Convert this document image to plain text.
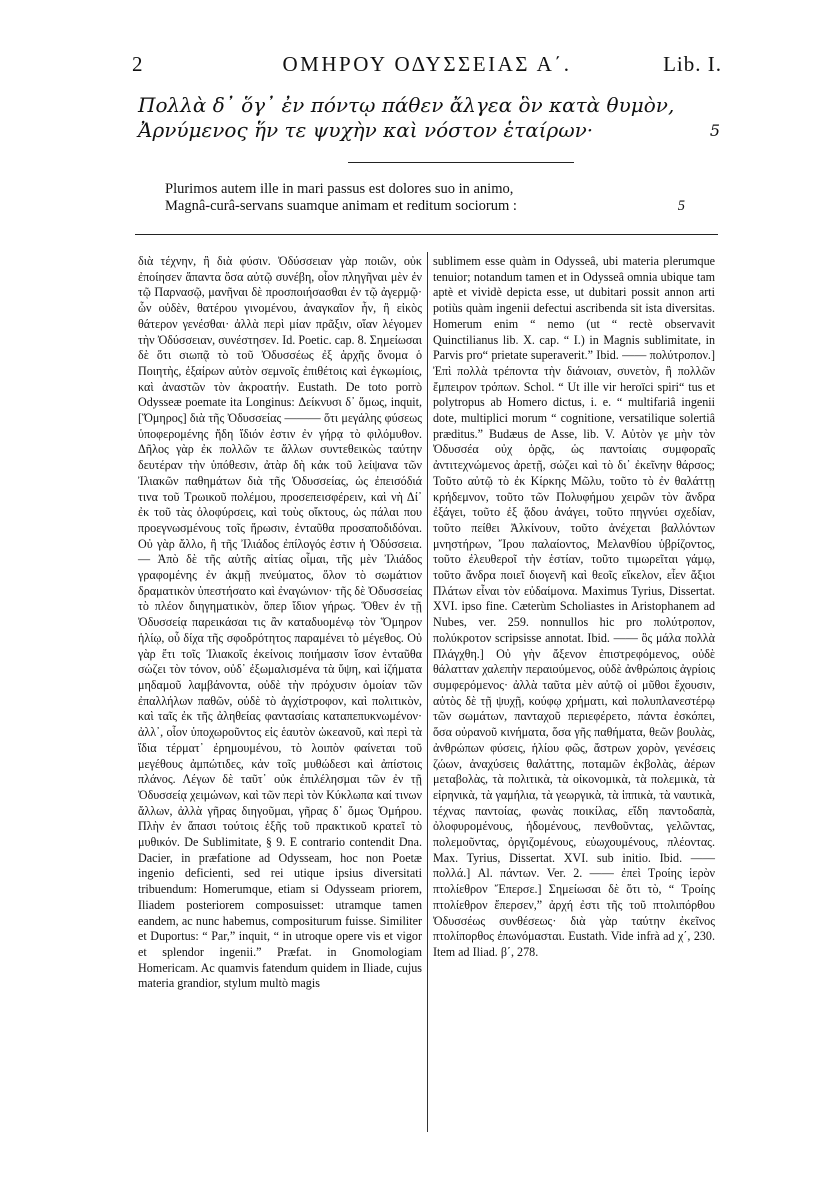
2	ΟΜΗΡΟΥ ΟΔΥΣΣΕΙΑΣ Α΄.	Lib. I.
Πολλὰ δ᾽ ὅγ᾽ ἐν πόντῳ πάθεν ἄλγεα ὃν κατὰ θυμὸν,
Ἀρνύμενος ἥν τε ψυχὴν καὶ νόστον ἑταίρων·	5
Plurimos autem ille in mari passus est dolores suo in animo,
Magnâ-curâ-servans suamque animam et reditum sociorum :	5

διὰ τέχνην, ἢ διὰ φύσιν. Ὀδύσσειαν γὰρ ποιῶν, οὐκ ἐποίησεν ἅπαντα ὅσα αὐτῷ συνέβη, οἷον πληγῆναι μὲν ἐν τῷ Παρνασῷ, μανῆναι δὲ προσποιήσασθαι ἐν τῷ ἀγερμῷ· ὧν οὐδὲν, θατέρου γινομένου, ἀναγκαῖον ἦν, ἢ εἰκὸς θάτερον γενέσθαι· ἀλλὰ περὶ μίαν πρᾶξιν, οἵαν λέγομεν τὴν Ὀδύσσειαν, συνέστησεν. Id. Poetic. cap. 8. Σημείωσαι δὲ ὅτι σιωπᾷ τὸ τοῦ Ὀδυσσέως ἐξ ἀρχῆς ὄνομα ὁ Ποιητὴς, ἐξαίρων αὐτὸν σεμνοῖς ἐπιθέτοις καὶ ἐγκωμίοις, καὶ ἀναστῶν τὸν ἀκροατήν. Eustath. De toto porrò Odysseæ poemate ita Longinus: Δείκνυσι δ᾽ ὅμως, inquit, [Ὅμηρος] διὰ τῆς Ὀδυσσείας ——— ὅτι μεγάλης φύσεως ὑποφερομένης ἤδη ἴδιόν ἐστιν ἐν γήρᾳ τὸ φιλόμυθον. Δῆλος γὰρ ἐκ πολλῶν τε ἄλλων συντεθεικὼς ταύτην δευτέραν τὴν ὑπόθεσιν, ἀτὰρ δὴ κἀκ τοῦ λείψανα τῶν Ἰλιακῶν παθημάτων διὰ τῆς Ὀδυσσείας, ὡς ἐπεισόδιά τινα τοῦ Τρωικοῦ πολέμου, προσεπεισφέρειν, καὶ νὴ Δί᾽ ἐκ τοῦ τὰς ὀλοφύρσεις, καὶ τοὺς οἴκτους, ὡς πάλαι που προεγνωσμένους τοῖς ἥρωσιν, ἐνταῦθα προσαποδιδόναι. Οὐ γὰρ ἄλλο, ἢ τῆς Ἰλιάδος ἐπίλογός ἐστιν ἡ Ὀδύσσεια.— Ἀπὸ δὲ τῆς αὐτῆς αἰτίας οἶμαι, τῆς μὲν Ἰλιάδος γραφομένης ἐν ἀκμῇ πνεύματος, ὅλον τὸ σωμάτιον δραματικὸν ὑπεστήσατο καὶ ἐναγώνιον· τῆς δὲ Ὀδυσσείας τὸ πλέον διηγηματικὸν, ὅπερ ἴδιον γήρως. Ὅθεν ἐν τῇ Ὀδυσσείᾳ παρεικάσαι τις ἂν καταδυομένῳ τὸν Ὅμηρον ἡλίῳ, οὗ δίχα τῆς σφοδρότητος παραμένει τὸ μέγεθος. Οὐ γὰρ ἔτι τοῖς Ἰλιακοῖς ἐκείνοις ποιήμασιν ἴσον ἐνταῦθα σώζει τὸν τόνον, οὐδ᾽ ἐξωμαλισμένα τὰ ὕψη, καὶ ἰζήματα μηδαμοῦ λαμβάνοντα, οὐδὲ τὴν πρόχυσιν ὁμοίαν τῶν ἐπαλλήλων παθῶν, οὐδὲ τὸ ἀγχίστροφον, καὶ πολιτικὸν, καὶ ταῖς ἐκ τῆς ἀληθείας φαντασίαις καταπεπυκνωμένον· ἀλλ᾽, οἷον ὑποχωροῦντος εἰς ἑαυτὸν ὠκεανοῦ, καὶ περὶ τὰ ἴδια τέρματ᾽ ἐρημουμένου, τὸ λοιπὸν φαίνεται τοῦ μεγέθους ἀμπώτιδες, κἀν τοῖς μυθώδεσι καὶ ἀπίστοις πλάνος. Λέγων δὲ ταῦτ᾽ οὐκ ἐπιλέλησμαι τῶν ἐν τῇ Ὀδυσσείᾳ χειμώνων, καὶ τῶν περὶ τὸν Κύκλωπα καί τινων ἄλλων, ἀλλὰ γῆρας διηγοῦμαι, γῆρας δ᾽ ὅμως Ὁμήρου. Πλὴν ἐν ἅπασι τούτοις ἑξῆς τοῦ πρακτικοῦ κρατεῖ τὸ μυθικόν. De Sublimitate, § 9. E contrario contendit Dna. Dacier, in præfatione ad Odysseam, hoc non Poetæ ingenio deficienti, sed rei utique ipsius diversitati tribuendum: Homerumque, etiam si Odysseam priorem, Iliadem posteriorem composuisset: utramque tamen eandem, ac nunc habemus, compositurum fuisse. Similiter et Duportus: “ Par,” inquit, “ in utroque opere vis et vigor et splendor ingenii.” Præfat. in Gnomologiam Homericam. Ac quamvis fatendum quidem in Iliade, cujus materia grandior, stylum multò magis

sublimem esse quàm in Odysseâ, ubi materia plerumque tenuior; notandum tamen et in Odysseâ omnia ubique tam aptè et vividè depicta esse, ut dubitari possit annon arti potiùs quàm ingenii defectui ascribenda sit ista diversitas. Homerum enim “ nemo (ut “ rectè observavit Quinctilianus lib. X. cap. “ I.) in Magnis sublimitate, in Parvis pro“ prietate superaverit.” Ibid. —— πολύτροπον.] Ἐπὶ πολλὰ τρέποντα τὴν διάνοιαν, συνετὸν, ἢ πολλῶν ἔμπειρον τρόπων. Schol. “ Ut ille vir heroïci spiri“ tus et polytropus ab Homero dictus, i. e. “ multifariâ ingenii dote, multiplici morum “ cognitione, versatilique solertiâ præditus.” Budæus de Asse, lib. V. Αὐτὸν γε μὴν τὸν Ὀδυσσέα οὐχ ὁρᾷς, ὡς παντοίαις συμφοραῖς ἀντιτεχνώμενος ἀρετῇ, σώζει καὶ τὸ δι᾽ ἐκεῖνην θάρσος; Τοῦτο αὐτῷ τὸ ἐκ Κίρκης Μῶλυ, τοῦτο τὸ ἐν θαλάττῃ κρήδεμνον, τοῦτο τῶν Πολυφήμου χειρῶν τὸν ἄνδρα ἐξάγει, τοῦτο ἐξ ᾅδου ἀνάγει, τοῦτο πηγνύει σχεδίαν, τοῦτο πείθει Ἀλκίνουν, τοῦτο ἀνέχεται βαλλόντων μνηστήρων, Ἴρου παλαίοντος, Μελανθίου ὑβρίζοντος, τοῦτο ἐλευθεροῖ τὴν ἑστίαν, τοῦτο τιμωρεῖται γάμῳ, τοῦτο ἄνδρα ποιεῖ διογενῆ καὶ θεοῖς εἴκελον, εἶεν ἄξιοι Πλάτων εἶναι τὸν εὐδαίμονα. Maximus Tyrius, Dissertat. XVI. ipso fine. Cæterùm Scholiastes in Aristophanem ad Nubes, ver. 259. nonnullos hic pro πολύτροπον, πολύκροτον scripsisse annotat. Ibid. —— ὃς μάλα πολλὰ Πλάγχθη.] Οὐ γὴν ἄξενον ἐπιστρεφόμενος, οὐδὲ θάλατταν χαλεπὴν περαιούμενος, οὐδὲ ἀνθρώποις ἀγρίοις συμφερόμενος· ἀλλὰ ταῦτα μὲν αὐτῷ οἱ μῦθοι ἔχουσιν, αὐτὸς δὲ τῇ ψυχῇ, κούφῳ χρήματι, καὶ πολυπλανεστέρῳ τῶν σωμάτων, πανταχοῦ περιεφέρετο, πάντα ἐσκόπει, ὅσα οὐρανοῦ κινήματα, ὅσα γῆς παθήματα, θεῶν βουλὰς, ἀνθρώπων φύσεις, ἡλίου φῶς, ἄστρων χορὸν, γενέσεις ζώων, ἀναχύσεις θαλάττης, ποταμῶν ἐκβολὰς, ἀέρων μεταβολὰς, τὰ πολιτικὰ, τὰ οἰκονομικὰ, τὰ πολεμικὰ, τὰ εἰρηνικὰ, τὰ γαμήλια, τὰ γεωργικὰ, τὰ ἱππικὰ, τὰ ναυτικὰ, τέχνας παντοίας, φωνὰς ποικίλας, εἴδη παντοδαπὰ, ὀλοφυρομένους, ἡδομένους, πενθοῦντας, γελῶντας, πολεμοῦντας, ὀργιζομένους, εὐωχουμένους, πλέοντας. Max. Tyrius, Dissertat. XVI. sub initio. Ibid. —— πολλά.] Al. πάντων. Ver. 2. —— ἐπεὶ Τροίης ἱερὸν πτολίεθρον Ἔπερσε.] Σημείωσαι δὲ ὅτι τὸ, “ Τροίης πτολίεθρον ἔπερσεν,” ἀρχή ἐστι τῆς τοῦ πτολιπόρθου Ὀδυσσέως συνθέσεως· διὰ γὰρ ταύτην ἐκεῖνος πτολίπορθος ἐπωνόμασται. Eustath. Vide infrà ad χ΄, 230. Item ad Iliad. β΄, 278.
